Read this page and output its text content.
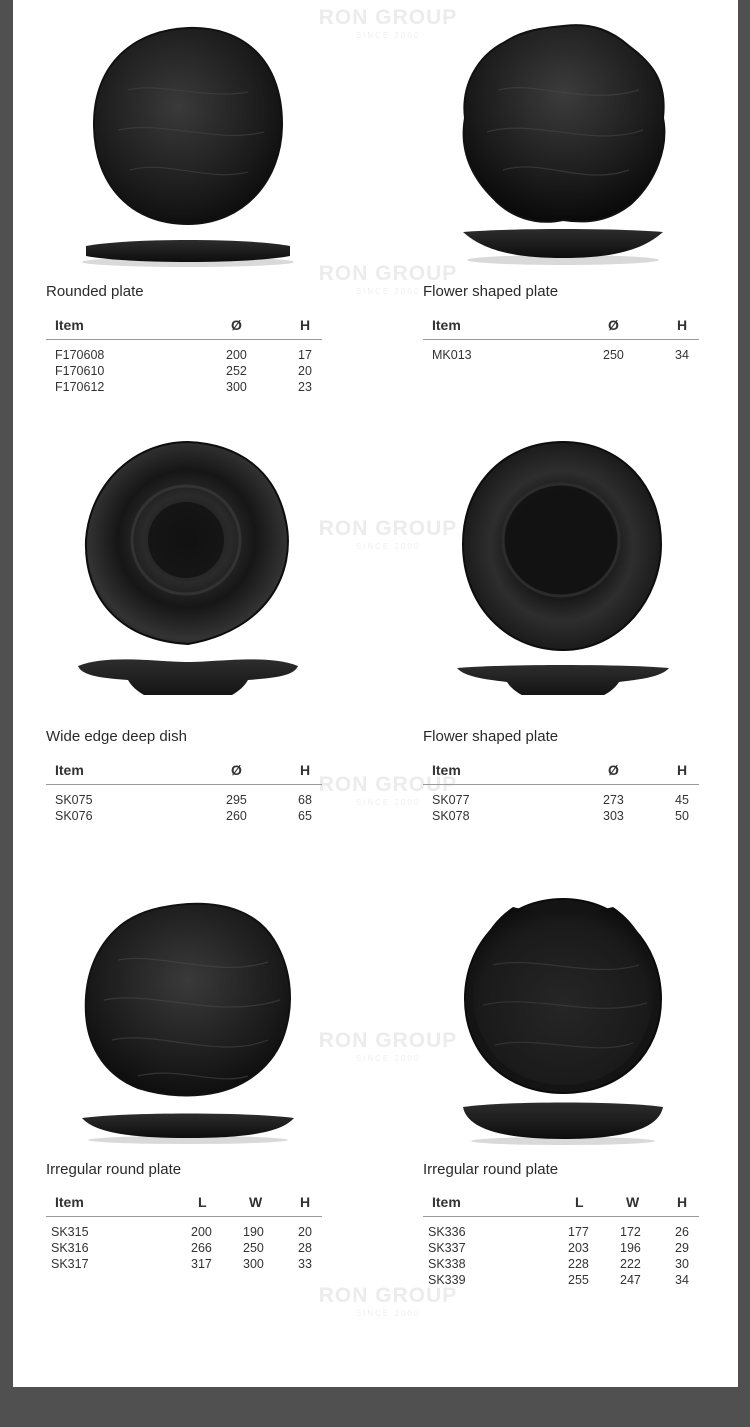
RON GROUP
SINCE 2000
RON GROUP
SINCE 2000
RON GROUP
SINCE 2000
RON GROUP
SINCE 2000
RON GROUP
SINCE 2000
RON GROUP
SINCE 2000
Rounded plate
Item	Ø	H
F170608	200	17
F170610	252	20
F170612	300	23
Flower shaped plate
Item	Ø	H
MK013	250	34
Wide edge deep dish
Item	Ø	H
SK075	295	68
SK076	260	65
Flower shaped plate
Item	Ø	H
SK077	273	45
SK078	303	50
Irregular round plate
Item	L	W	H
SK315	200 190	20
SK316	266 250	28
SK317	317 300	33
Irregular round plate
Item	L	W	H
SK336	177 172	26
SK337	203 196	29
SK338	228 222	30
SK339	255 247	34
